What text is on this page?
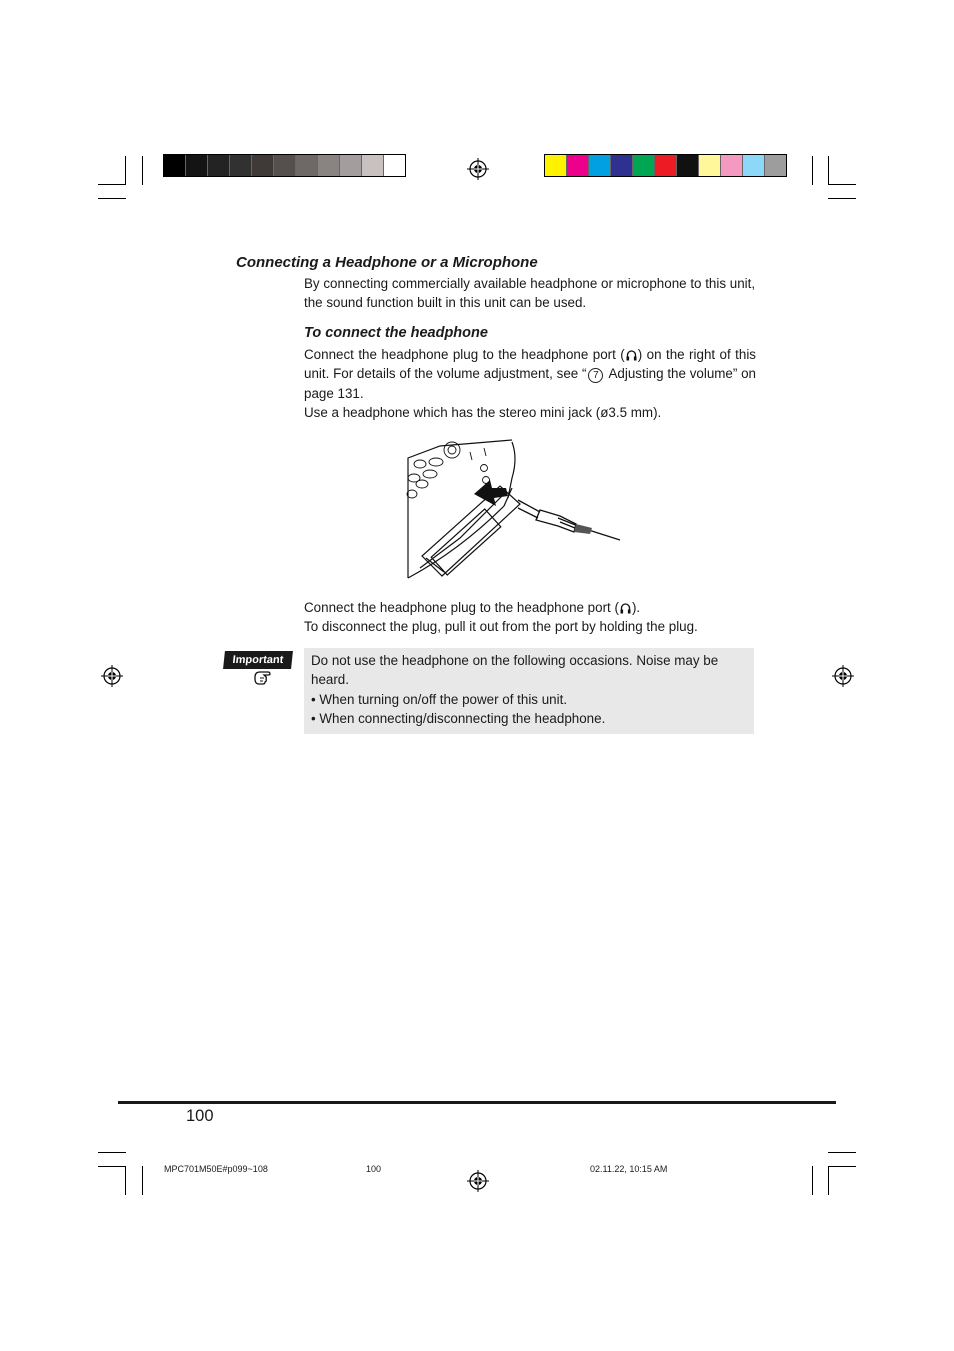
Connecting a Headphone or a Microphone
By connecting commercially available headphone or microphone to this unit, the sound function built in this unit can be used.
To connect the headphone
Connect the headphone plug to the headphone port ( ) on the right of this unit. For details of the volume adjustment, see “ 7 Adjusting the volume” on page 131.
Use a headphone which has the stereo mini jack (ø3.5 mm).
Connect the headphone plug to the headphone port ( ).
To disconnect the plug, pull it out from the port by holding the plug.
Important	Do not use the headphone on the following occasions. Noise may be heard.
• When turning on/off the power of this unit.
• When connecting/disconnecting the headphone.
100
MPC701M50E#p099~108	100	02.11.22, 10:15 AM
